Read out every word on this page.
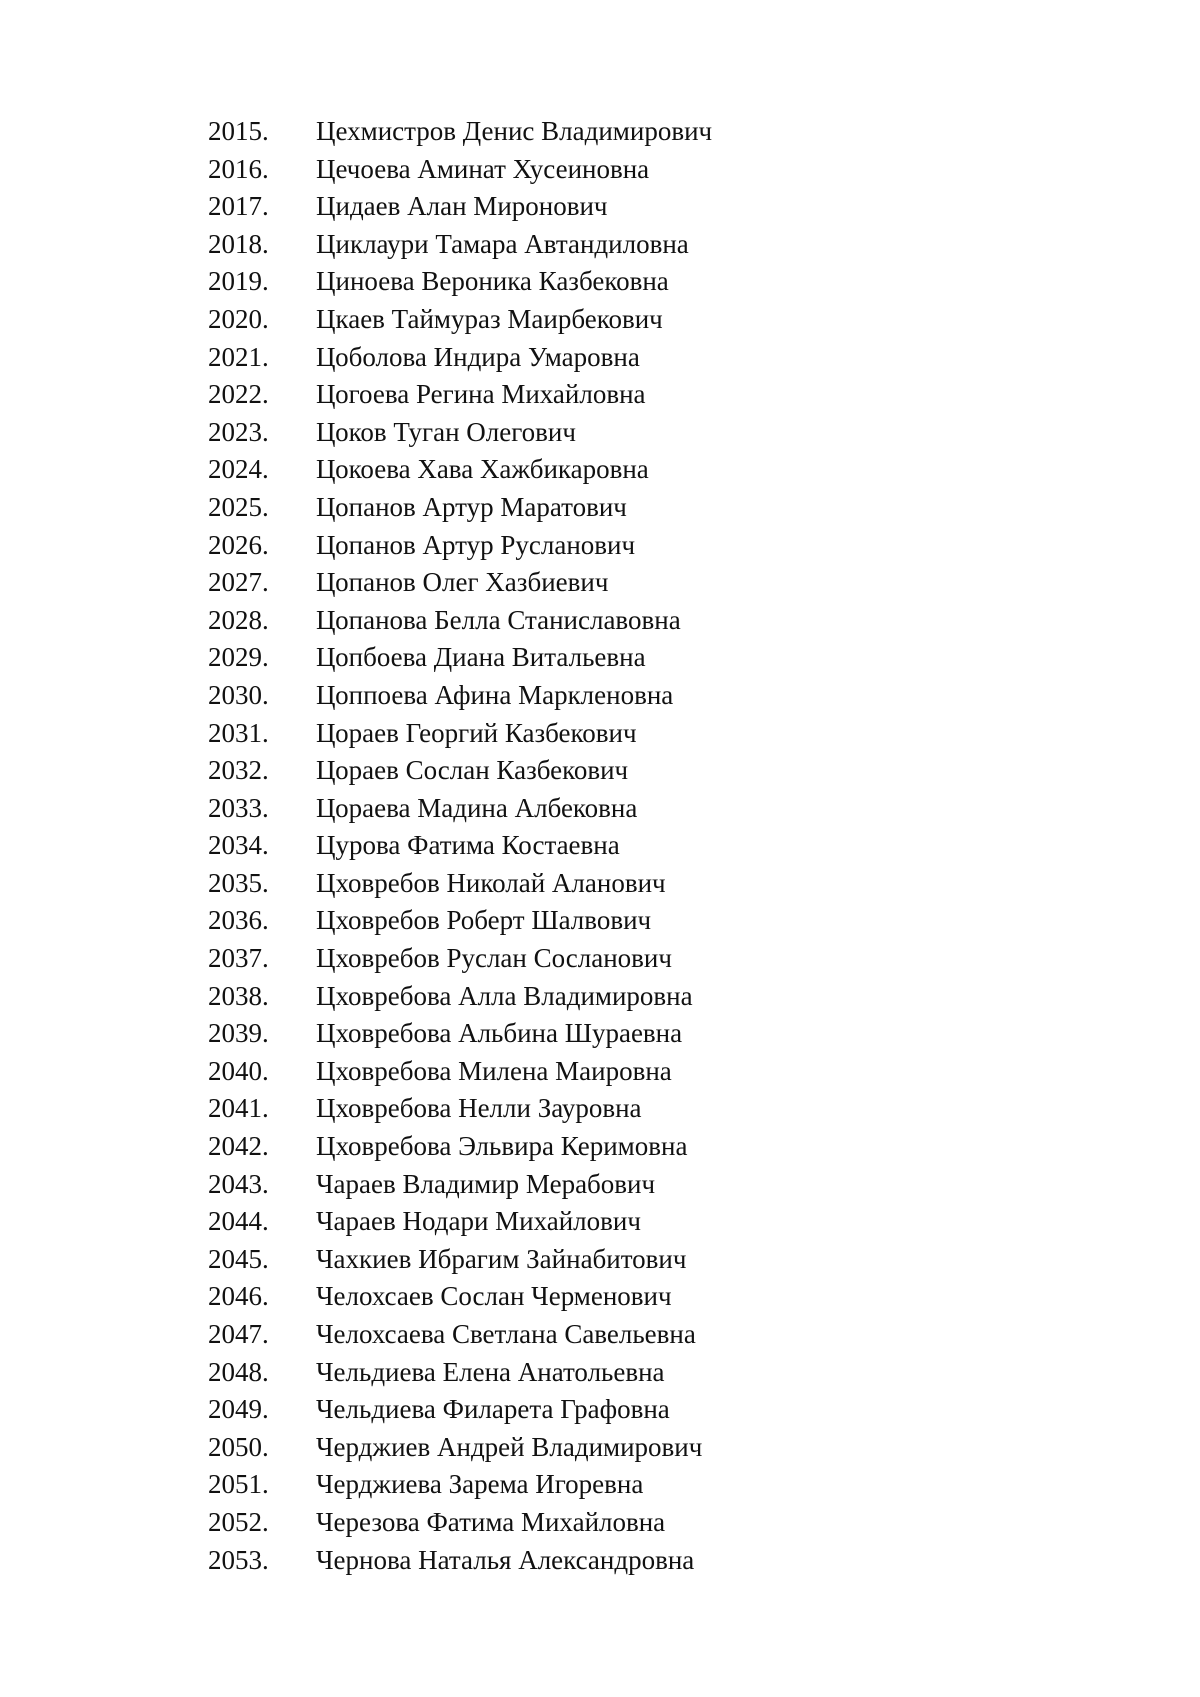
2015.	Цехмистров Денис Владимирович
2016.	Цечоева Аминат Хусеиновна
2017.	Цидаев Алан Миронович
2018.	Циклаури Тамара Автандиловна
2019.	Циноева Вероника Казбековна
2020.	Цкаев Таймураз Маирбекович
2021.	Цоболова Индира Умаровна
2022.	Цогоева Регина Михайловна
2023.	Цоков Туган Олегович
2024.	Цокоева Хава Хажбикаровна
2025.	Цопанов Артур Маратович
2026.	Цопанов Артур Русланович
2027.	Цопанов Олег Хазбиевич
2028.	Цопанова Белла Станиславовна
2029.	Цопбоева Диана Витальевна
2030.	Цоппоева Афина Маркленовна
2031.	Цораев Георгий Казбекович
2032.	Цораев Сослан Казбекович
2033.	Цораева Мадина Албековна
2034.	Цурова Фатима Костаевна
2035.	Цховребов Николай Аланович
2036.	Цховребов Роберт Шалвович
2037.	Цховребов Руслан Сосланович
2038.	Цховребова Алла Владимировна
2039.	Цховребова Альбина Шураевна
2040.	Цховребова Милена Маировна
2041.	Цховребова Нелли Зауровна
2042.	Цховребова Эльвира Керимовна
2043.	Чараев Владимир Мерабович
2044.	Чараев Нодари Михайлович
2045.	Чахкиев Ибрагим Зайнабитович
2046.	Челохсаев Сослан Черменович
2047.	Челохсаева Светлана Савельевна
2048.	Чельдиева Елена Анатольевна
2049.	Чельдиева Филарета Графовна
2050.	Черджиев Андрей Владимирович
2051.	Черджиева Зарема Игоревна
2052.	Черезова Фатима Михайловна
2053.	Чернова Наталья Александровна
